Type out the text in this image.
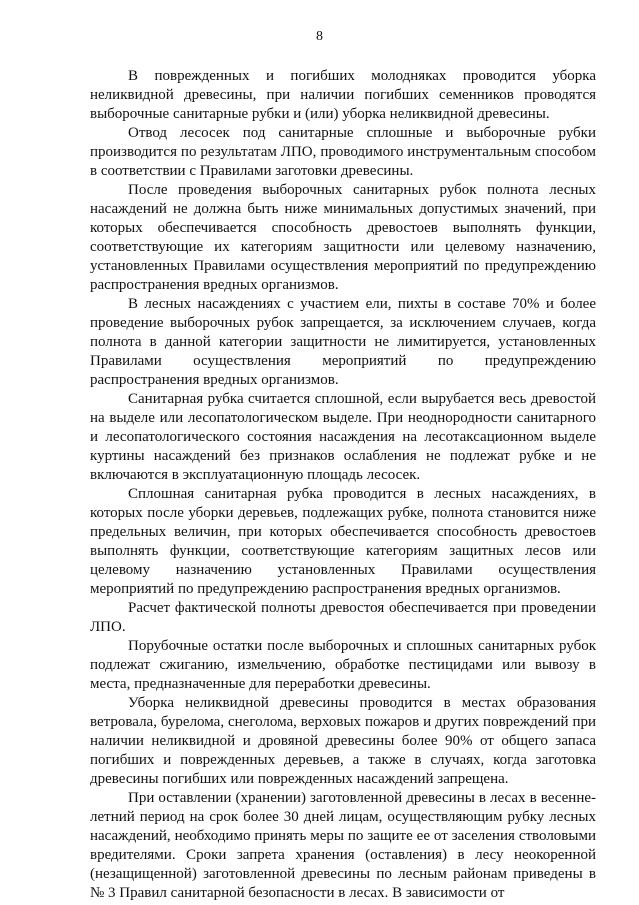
8

В поврежденных и погибших молодняках проводится уборка неликвидной древесины, при наличии погибших семенников проводятся выборочные санитарные рубки и (или) уборка неликвидной древесины.

Отвод лесосек под санитарные сплошные и выборочные рубки производится по результатам ЛПО, проводимого инструментальным способом в соответствии с Правилами заготовки древесины.

После проведения выборочных санитарных рубок полнота лесных насаждений не должна быть ниже минимальных допустимых значений, при которых обеспечивается способность древостоев выполнять функции, соответствующие их категориям защитности или целевому назначению, установленных Правилами осуществления мероприятий по предупреждению распространения вредных организмов.

В лесных насаждениях с участием ели, пихты в составе 70% и более проведение выборочных рубок запрещается, за исключением случаев, когда полнота в данной категории защитности не лимитируется, установленных Правилами осуществления мероприятий по предупреждению распространения вредных организмов.

Санитарная рубка считается сплошной, если вырубается весь древостой на выделе или лесопатологическом выделе. При неоднородности санитарного и лесопатологического состояния насаждения на лесотаксационном выделе куртины насаждений без признаков ослабления не подлежат рубке и не включаются в эксплуатационную площадь лесосек.

Сплошная санитарная рубка проводится в лесных насаждениях, в которых после уборки деревьев, подлежащих рубке, полнота становится ниже предельных величин, при которых обеспечивается способность древостоев выполнять функции, соответствующие категориям защитных лесов или целевому назначению установленных Правилами осуществления мероприятий по предупреждению распространения вредных организмов.

Расчет фактической полноты древостоя обеспечивается при проведении ЛПО.

Порубочные остатки после выборочных и сплошных санитарных рубок подлежат сжиганию, измельчению, обработке пестицидами или вывозу в места, предназначенные для переработки древесины.

Уборка неликвидной древесины проводится в местах образования ветровала, бурелома, снеголома, верховых пожаров и других повреждений при наличии неликвидной и дровяной древесины более 90% от общего запаса погибших и поврежденных деревьев, а также в случаях, когда заготовка древесины погибших или поврежденных насаждений запрещена.

При оставлении (хранении) заготовленной древесины в лесах в весенне-летний период на срок более 30 дней лицам, осуществляющим рубку лесных насаждений, необходимо принять меры по защите ее от заселения стволовыми вредителями. Сроки запрета хранения (оставления) в лесу неокоренной (незащищенной) заготовленной древесины по лесным районам приведены в № 3 Правил санитарной безопасности в лесах. В зависимости от
